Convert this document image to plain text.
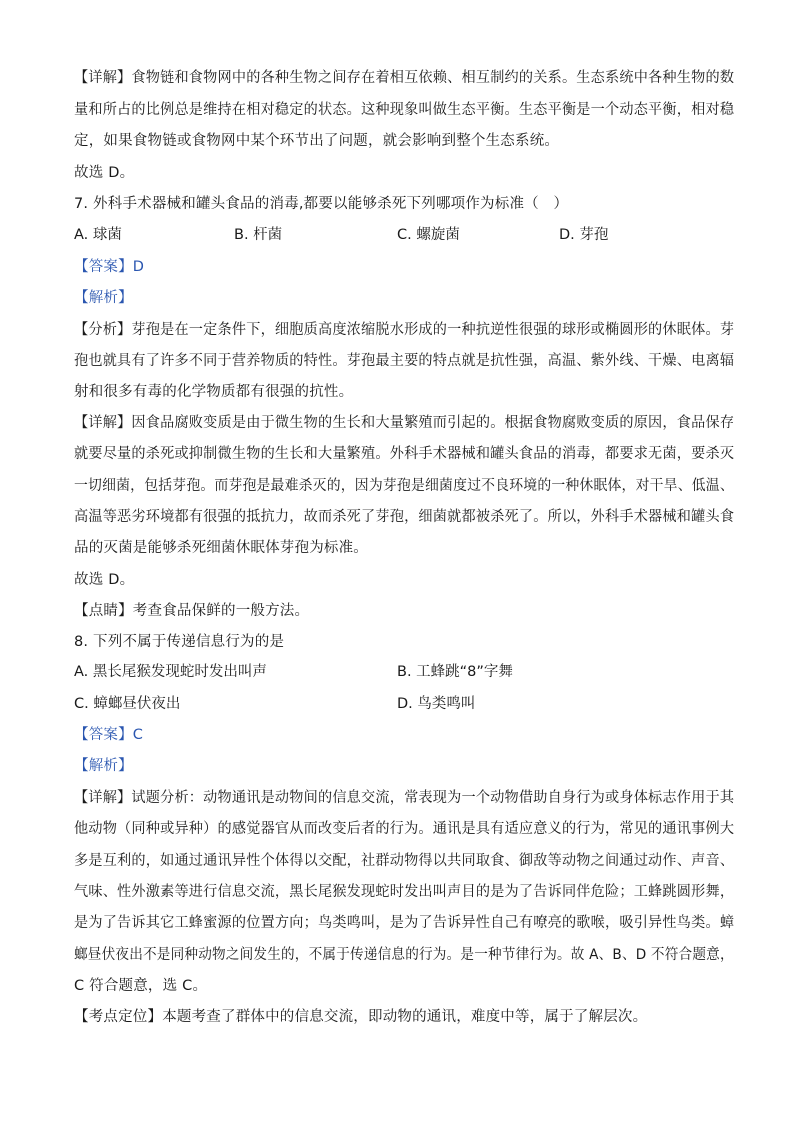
【详解】食物链和食物网中的各种生物之间存在着相互依赖、相互制约的关系。生态系统中各种生物的数
量和所占的比例总是维持在相对稳定的状态。这种现象叫做生态平衡。生态平衡是一个动态平衡，相对稳
定，如果食物链或食物网中某个环节出了问题，就会影响到整个生态系统。
故选 D。
7. 外科手术器械和罐头食品的消毒,都要以能够杀死下列哪项作为标准（　）
A. 球菌	B. 杆菌	C. 螺旋菌	D. 芽孢
【答案】D
【解析】
【分析】芽孢是在一定条件下，细胞质高度浓缩脱水形成的一种抗逆性很强的球形或椭圆形的休眠体。芽
孢也就具有了许多不同于营养物质的特性。芽孢最主要的特点就是抗性强，高温、紫外线、干燥、电离辐
射和很多有毒的化学物质都有很强的抗性。
【详解】因食品腐败变质是由于微生物的生长和大量繁殖而引起的。根据食物腐败变质的原因，食品保存
就要尽量的杀死或抑制微生物的生长和大量繁殖。外科手术器械和罐头食品的消毒，都要求无菌，要杀灭
一切细菌，包括芽孢。而芽孢是最难杀灭的，因为芽孢是细菌度过不良环境的一种休眠体，对干旱、低温、
高温等恶劣环境都有很强的抵抗力，故而杀死了芽孢，细菌就都被杀死了。所以，外科手术器械和罐头食
品的灭菌是能够杀死细菌休眠体芽孢为标准。
故选 D。
【点睛】考查食品保鲜的一般方法。
8. 下列不属于传递信息行为的是
A. 黑长尾猴发现蛇时发出叫声	B. 工蜂跳“8”字舞
C. 蟑螂昼伏夜出	D. 鸟类鸣叫
【答案】C
【解析】
【详解】试题分析：动物通讯是动物间的信息交流，常表现为一个动物借助自身行为或身体标志作用于其
他动物（同种或异种）的感觉器官从而改变后者的行为。通讯是具有适应意义的行为，常见的通讯事例大
多是互利的，如通过通讯异性个体得以交配，社群动物得以共同取食、御敌等动物之间通过动作、声音、
气味、性外激素等进行信息交流，黑长尾猴发现蛇时发出叫声目的是为了告诉同伴危险；工蜂跳圆形舞，
是为了告诉其它工蜂蜜源的位置方向；鸟类鸣叫，是为了告诉异性自己有嘹亮的歌喉，吸引异性鸟类。蟑
螂昼伏夜出不是同种动物之间发生的，不属于传递信息的行为。是一种节律行为。故 A、B、D 不符合题意，
C 符合题意，选 C。
【考点定位】本题考查了群体中的信息交流，即动物的通讯，难度中等，属于了解层次。
